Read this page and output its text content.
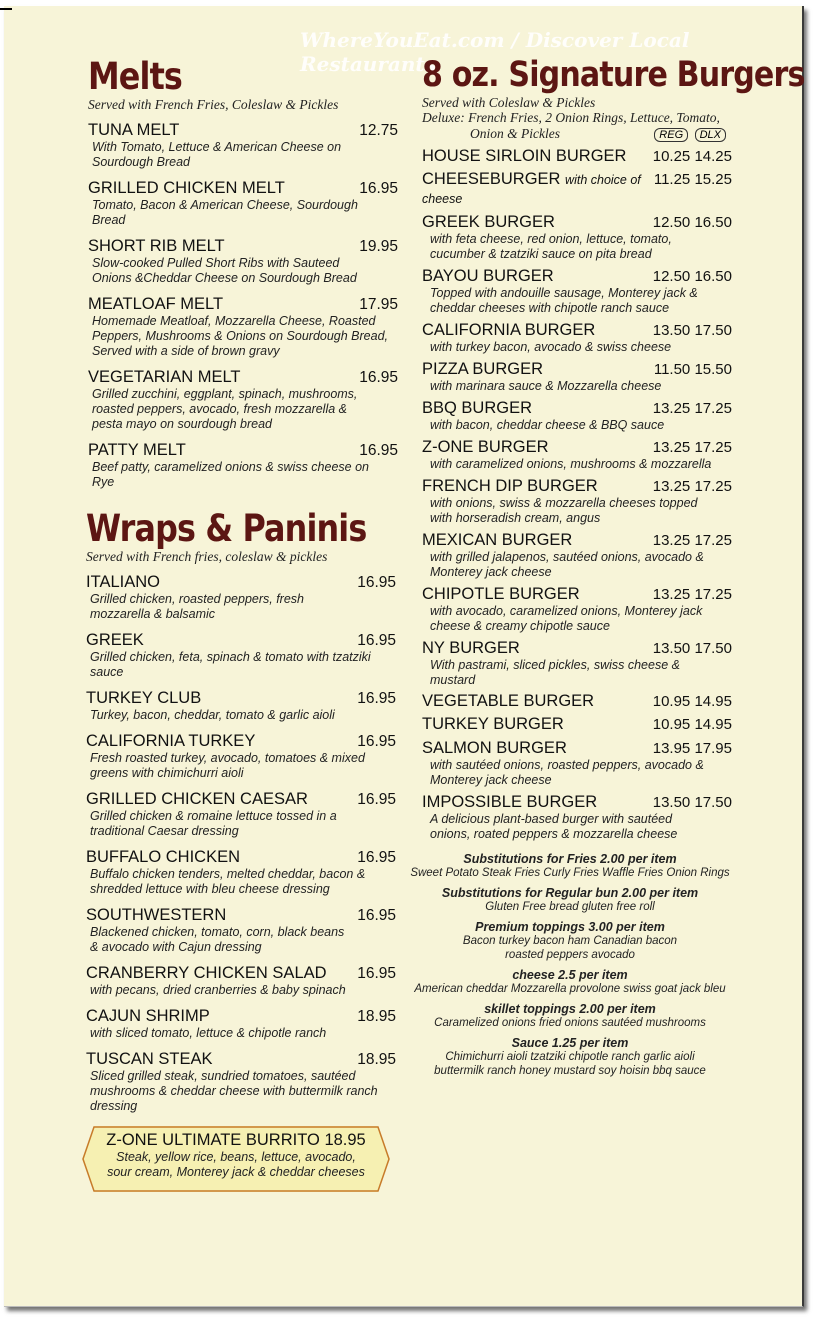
WhereYouEat.com / Discover Local Restaurants
Melts
Served with French Fries, Coleslaw & Pickles
TUNA MELT	12.75
With Tomato, Lettuce & American Cheese on Sourdough Bread
GRILLED CHICKEN MELT	16.95
Tomato, Bacon & American Cheese, Sourdough Bread
SHORT RIB MELT	19.95
Slow-cooked Pulled Short Ribs with Sauteed Onions &Cheddar Cheese on Sourdough Bread
MEATLOAF MELT	17.95
Homemade Meatloaf, Mozzarella Cheese, Roasted Peppers, Mushrooms & Onions on Sourdough Bread, Served with a side of brown gravy
VEGETARIAN MELT	16.95
Grilled zucchini, eggplant, spinach, mushrooms, roasted peppers, avocado, fresh mozzarella & pesta mayo on sourdough bread
PATTY MELT	16.95
Beef patty, caramelized onions & swiss cheese on Rye
Wraps & Paninis
Served with French fries, coleslaw & pickles
ITALIANO	16.95
Grilled chicken, roasted peppers, fresh mozzarella & balsamic
GREEK	16.95
Grilled chicken, feta, spinach & tomato with tzatziki sauce
TURKEY CLUB	16.95
Turkey, bacon, cheddar, tomato & garlic aioli
CALIFORNIA TURKEY	16.95
Fresh roasted turkey, avocado, tomatoes & mixed greens with chimichurri aioli
GRILLED CHICKEN CAESAR	16.95
Grilled chicken & romaine lettuce tossed in a traditional Caesar dressing
BUFFALO CHICKEN	16.95
Buffalo chicken tenders, melted cheddar, bacon & shredded lettuce with bleu cheese dressing
SOUTHWESTERN	16.95
Blackened chicken, tomato, corn, black beans & avocado with Cajun dressing
CRANBERRY CHICKEN SALAD 16.95
with pecans, dried cranberries & baby spinach
CAJUN SHRIMP	18.95
with sliced tomato, lettuce & chipotle ranch
TUSCAN STEAK	18.95
Sliced grilled steak, sundried tomatoes, sautéed mushrooms & cheddar cheese with buttermilk ranch dressing
Z-ONE ULTIMATE BURRITO 18.95
Steak, yellow rice, beans, lettuce, avocado, sour cream, Monterey jack & cheddar cheeses
8 oz. Signature Burgers
Served with Coleslaw & Pickles
Deluxe: French Fries, 2 Onion Rings, Lettuce, Tomato,
Onion & Pickles	REG DLX
HOUSE SIRLOIN BURGER 10.25 14.25
CHEESEBURGER with choice of cheese
11.25 15.25
GREEK BURGER	12.50 16.50
with feta cheese, red onion, lettuce, tomato, cucumber & tzatziki sauce on pita bread
BAYOU BURGER	12.50 16.50
Topped with andouille sausage, Monterey jack & cheddar cheeses with chipotle ranch sauce
CALIFORNIA BURGER	13.50 17.50
with turkey bacon, avocado & swiss cheese
PIZZA BURGER	11.50 15.50
with marinara sauce & Mozzarella cheese
BBQ BURGER	13.25 17.25
with bacon, cheddar cheese & BBQ sauce
Z-ONE BURGER	13.25 17.25
with caramelized onions, mushrooms & mozzarella
FRENCH DIP BURGER	13.25 17.25
with onions, swiss & mozzarella cheeses topped with horseradish cream, angus
MEXICAN BURGER	13.25 17.25
with grilled jalapenos, sautéed onions, avocado & Monterey jack cheese
CHIPOTLE BURGER	13.25 17.25
with avocado, caramelized onions, Monterey jack cheese & creamy chipotle sauce
NY BURGER	13.50 17.50
With pastrami, sliced pickles, swiss cheese & mustard
VEGETABLE BURGER	10.95 14.95
TURKEY BURGER	10.95 14.95
SALMON BURGER	13.95 17.95
with sautéed onions, roasted peppers, avocado & Monterey jack cheese
IMPOSSIBLE BURGER	13.50 17.50
A delicious plant-based burger with sautéed onions, roated peppers & mozzarella cheese
Substitutions for Fries 2.00 per item
Sweet Potato Steak Fries Curly Fries Waffle Fries Onion Rings
Substitutions for Regular bun 2.00 per item
Gluten Free bread gluten free roll
Premium toppings 3.00 per item
Bacon turkey bacon ham Canadian bacon
roasted peppers avocado
cheese 2.5 per item
American cheddar Mozzarella provolone swiss goat jack bleu
skillet toppings 2.00 per item
Caramelized onions fried onions sautéed mushrooms
Sauce 1.25 per item
Chimichurri aioli tzatziki chipotle ranch garlic aioli
buttermilk ranch honey mustard soy hoisin bbq sauce
